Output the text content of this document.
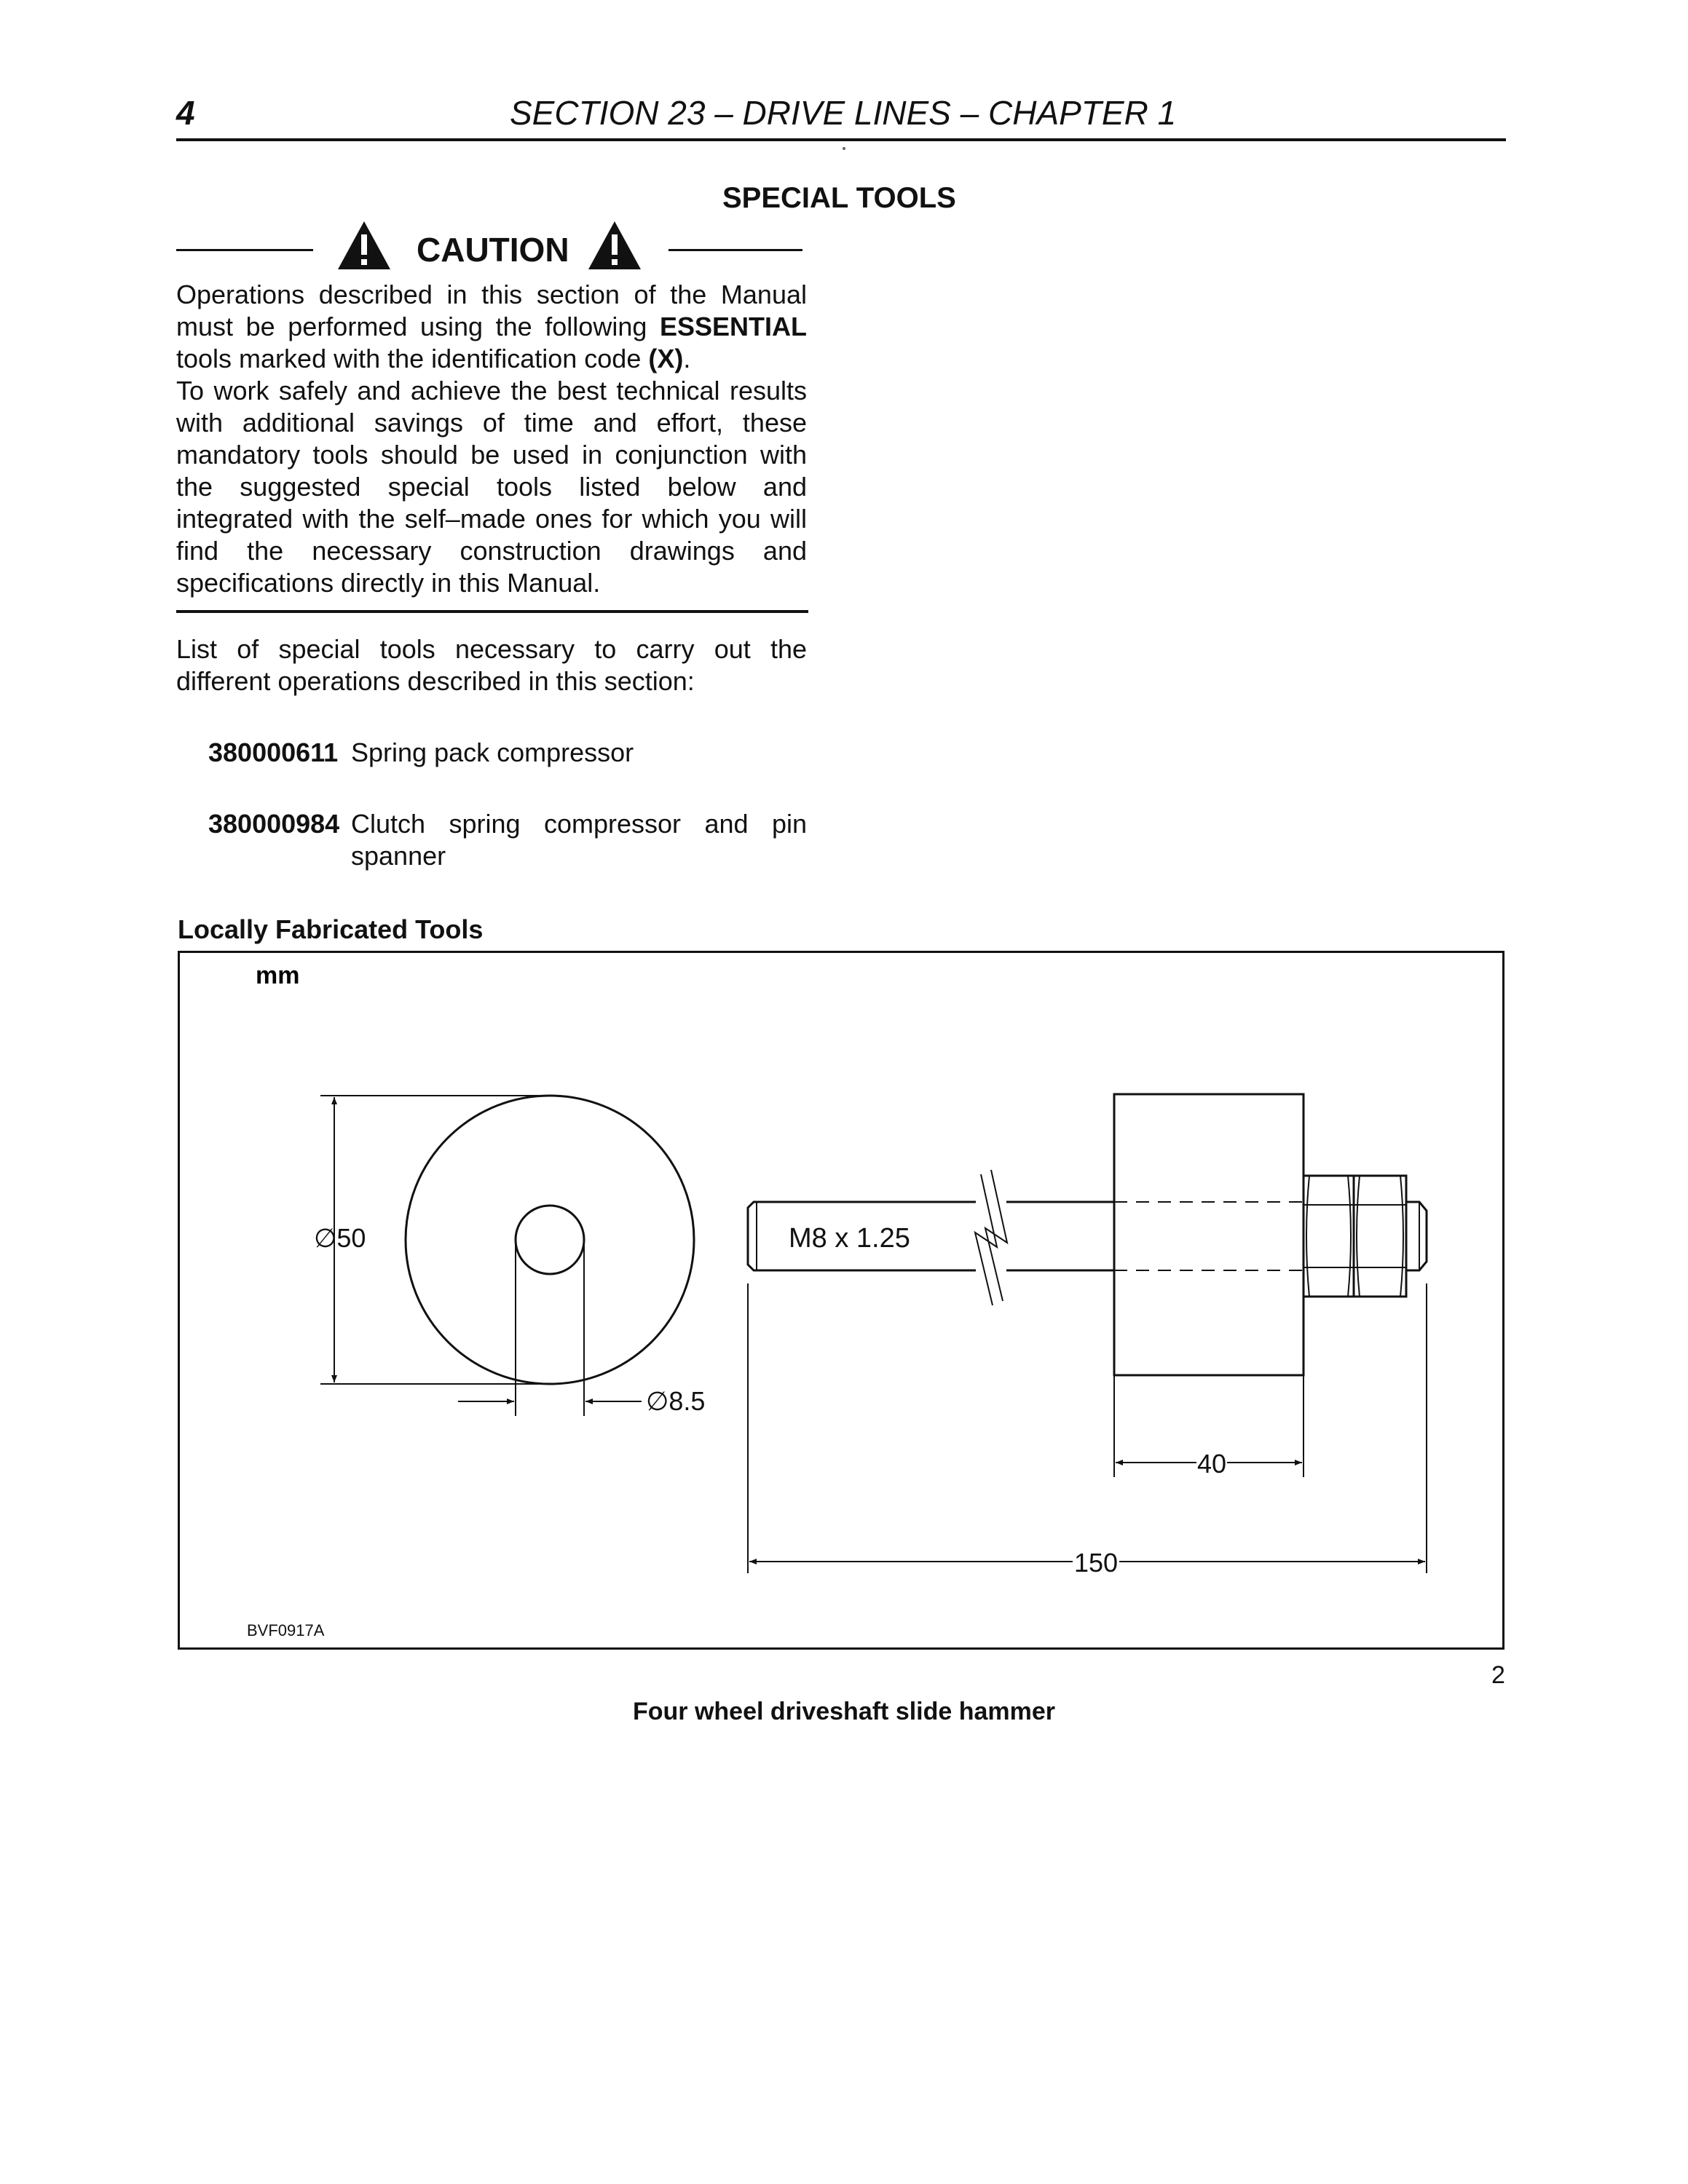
4	SECTION 23 – DRIVE LINES – CHAPTER 1
SPECIAL TOOLS
CAUTION

Operations described in this section of the Manual must be performed using the following ESSENTIAL tools marked with the identification code (X).

To work safely and achieve the best technical results with additional savings of time and effort, these mandatory tools should be used in conjunction with the suggested special tools listed below and integrated with the self–made ones for which you will find the necessary construction drawings and specifications directly in this Manual.

List of special tools necessary to carry out the different operations described in this section:
380000611 Spring pack compressor
380000984 Clutch spring compressor and pin spanner
Locally Fabricated Tools
mm
∅50
∅8.5
M8 x 1.25
40
150
BVF0917A
2
Four wheel driveshaft slide hammer
